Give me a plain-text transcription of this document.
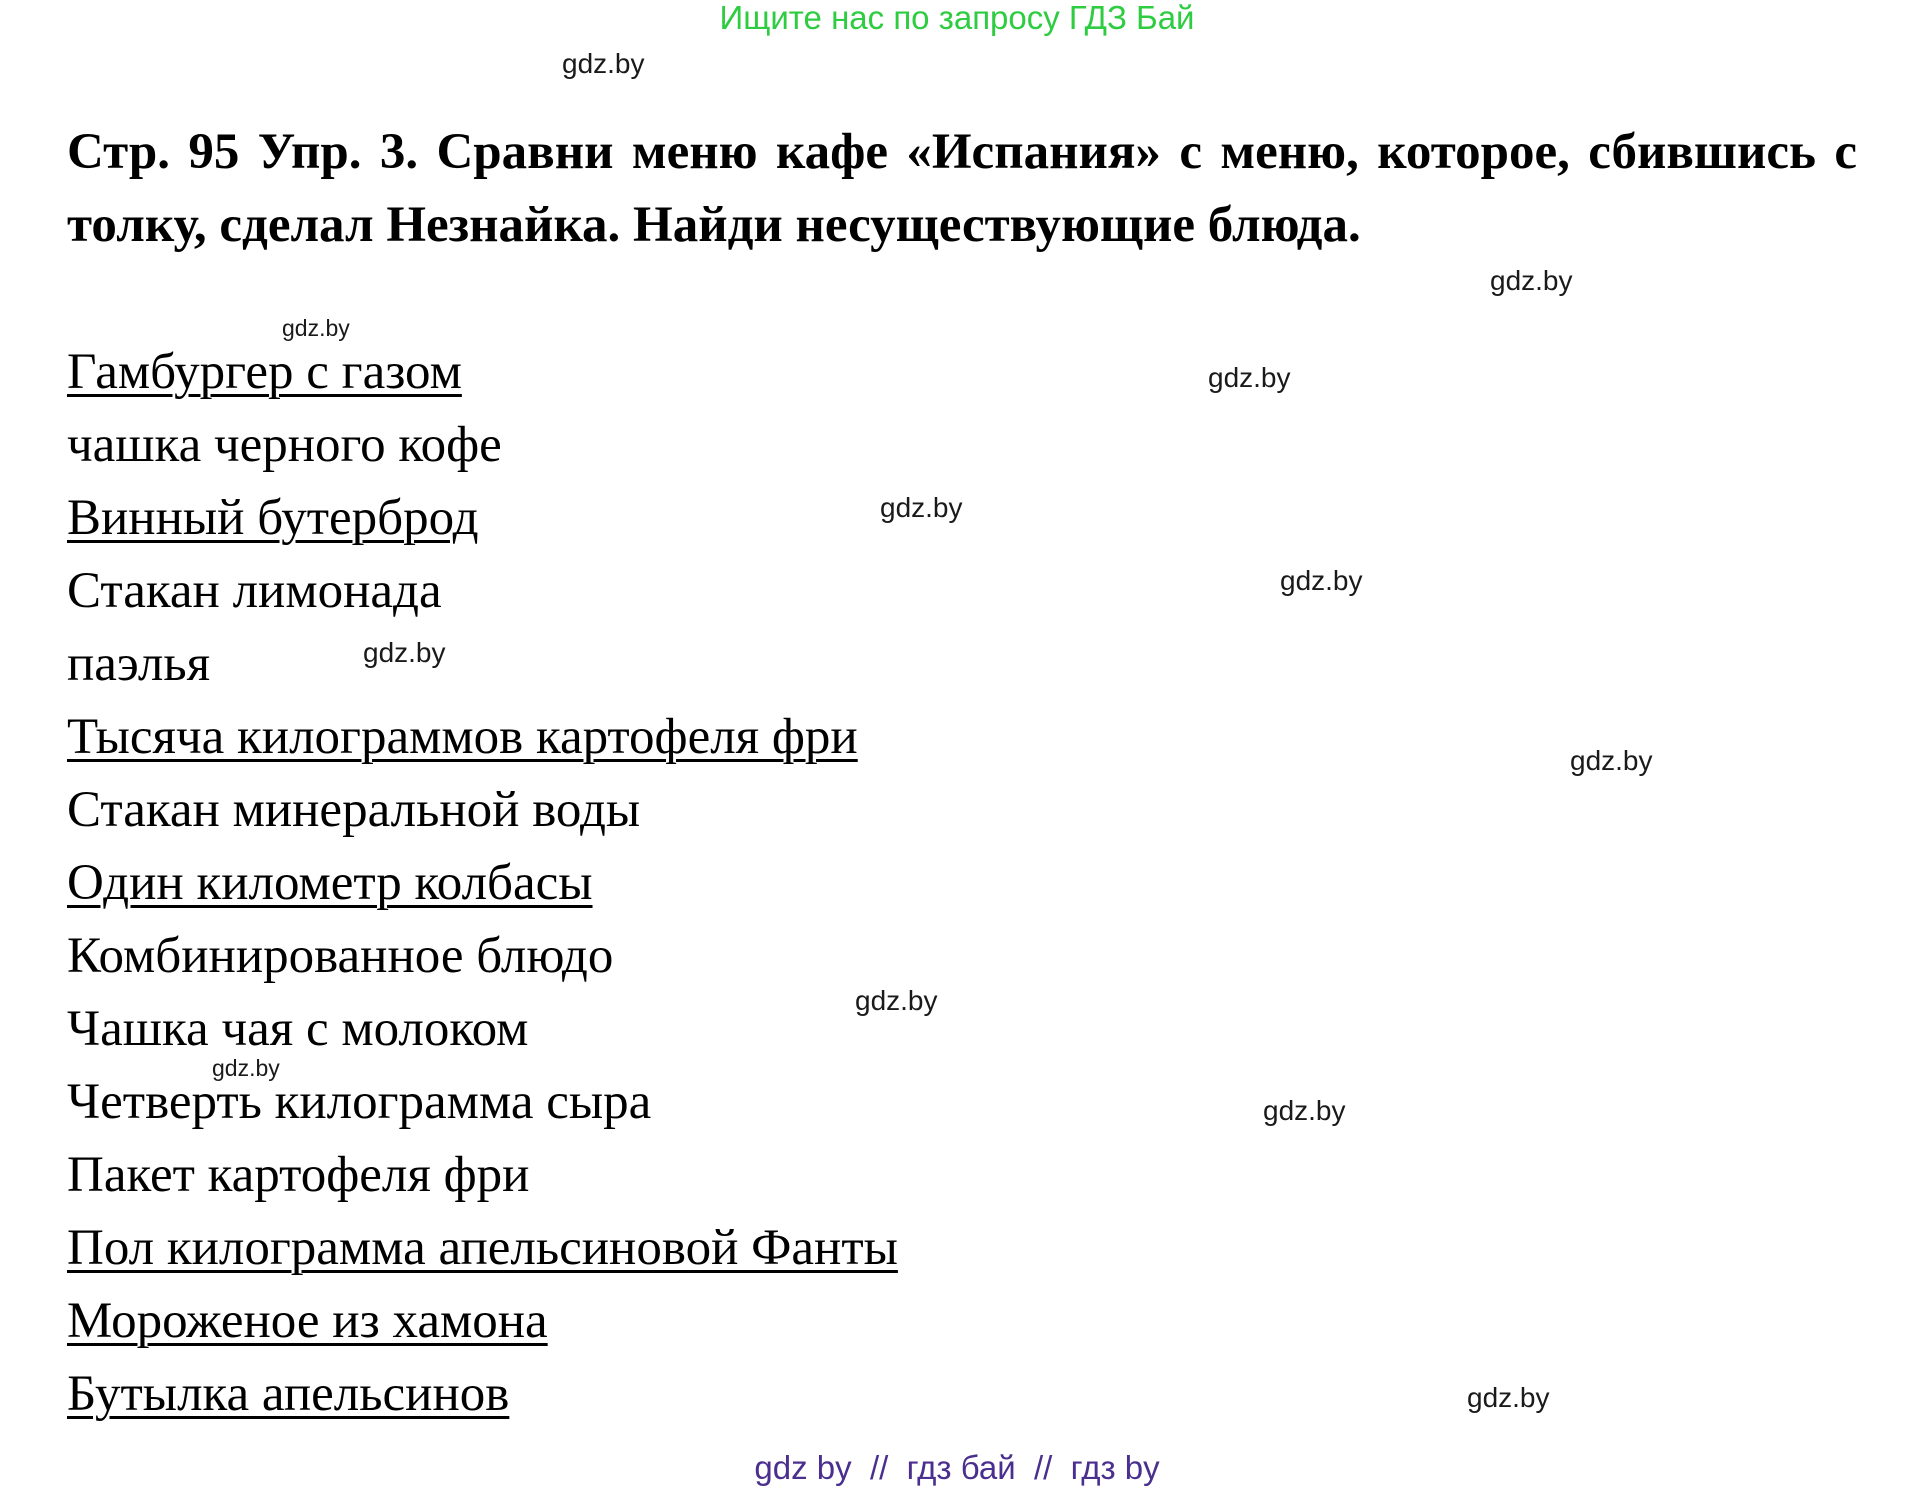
Ищите нас по запросу ГДЗ Бай
gdz.by
gdz.by
gdz.by
gdz.by
gdz.by
gdz.by
gdz.by
gdz.by
gdz.by
gdz.by
gdz.by
gdz.by

Стр. 95 Упр. 3. Сравни меню кафе «Испания» с меню, которое, сбившись с толку, сделал Незнайка. Найди несуществующие блюда.

Гамбургер с газом
чашка черного кофе
Винный бутерброд
Стакан лимонада
паэлья
Тысяча килограммов картофеля фри
Стакан минеральной воды
Один километр колбасы
Комбинированное блюдо
Чашка чая с молоком
Четверть килограмма сыра
Пакет картофеля фри
Пол килограмма апельсиновой Фанты
Мороженое из хамона
Бутылка апельсинов
gdz by  //  гдз бай  //  гдз by
